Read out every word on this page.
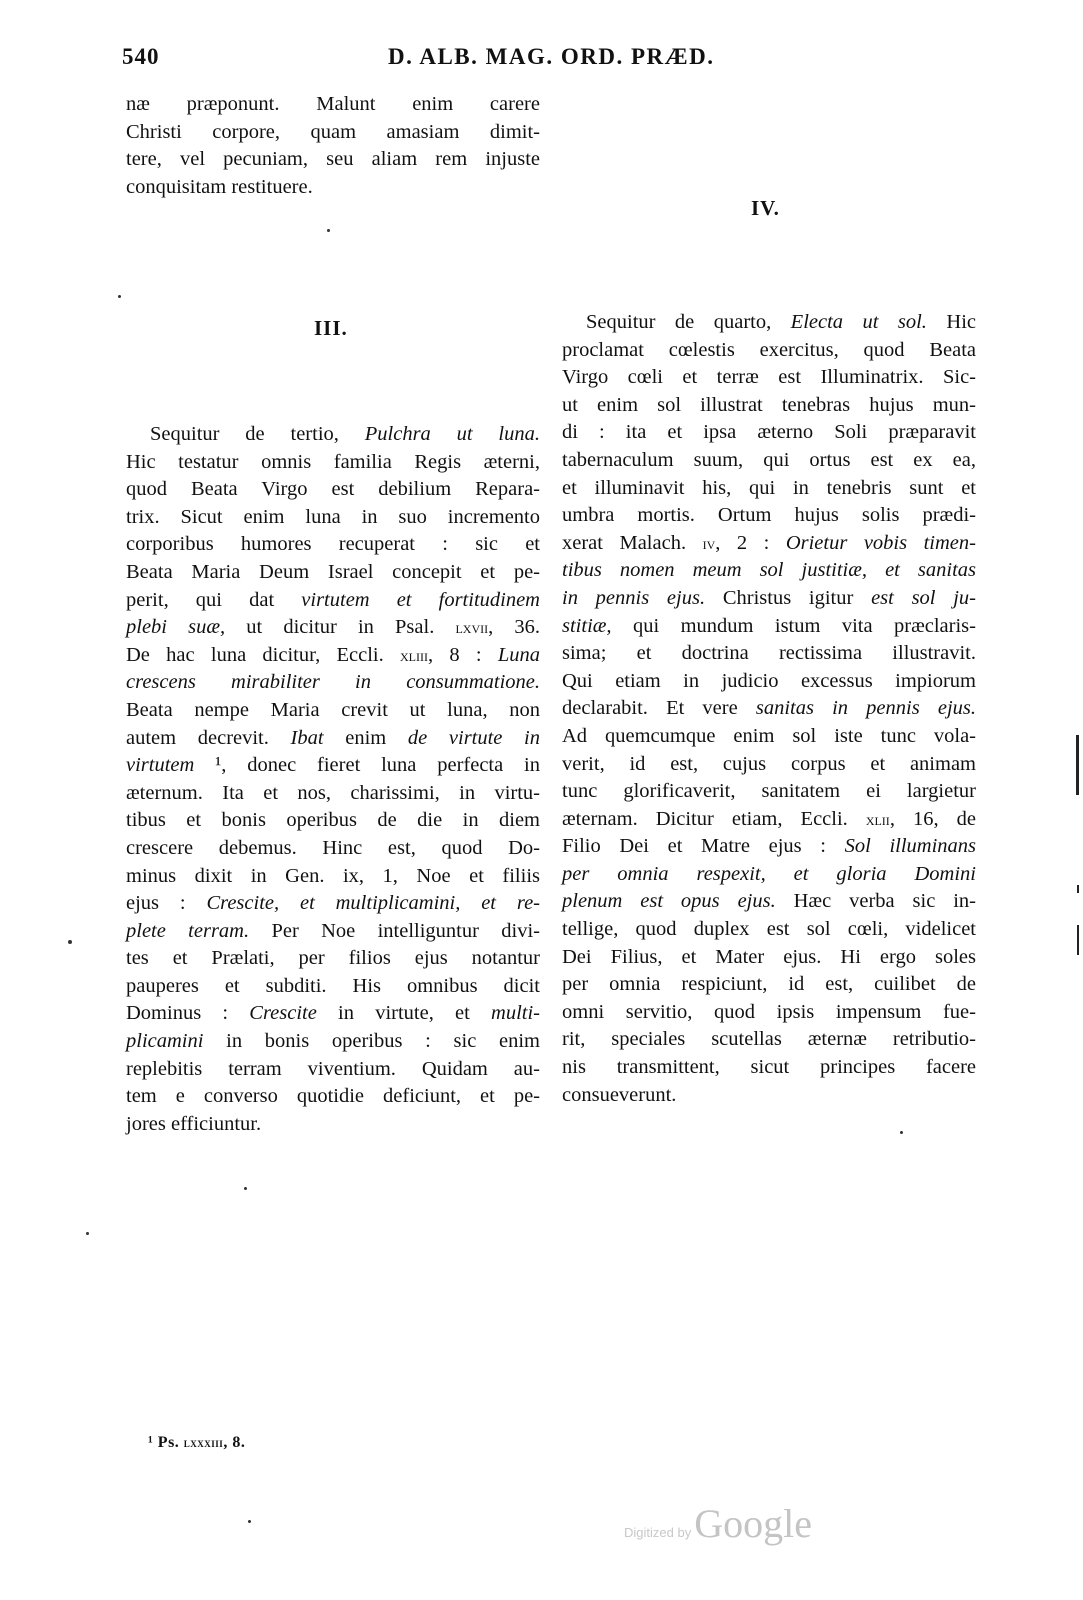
540	D. ALB. MAG. ORD. PRÆD.
næ præponunt. Malunt enim carere
Christi corpore, quam amasiam dimit-
tere, vel pecuniam, seu aliam rem injuste
conquisitam restituere.
III.
IV.
Sequitur de tertio, Pulchra ut luna.
Hic testatur omnis familia Regis æterni,
quod Beata Virgo est debilium Repara-
trix. Sicut enim luna in suo incremento
corporibus humores recuperat : sic et
Beata Maria Deum Israel concepit et pe-
perit, qui dat virtutem et fortitudinem
plebi suæ, ut dicitur in Psal. lxvii, 36.
De hac luna dicitur, Eccli. xliii, 8 : Luna
crescens mirabiliter in consummatione.
Beata nempe Maria crevit ut luna, non
autem decrevit. Ibat enim de virtute in
virtutem ¹, donec fieret luna perfecta in
æternum. Ita et nos, charissimi, in virtu-
tibus et bonis operibus de die in diem
crescere debemus. Hinc est, quod Do-
minus dixit in Gen. ix, 1, Noe et filiis
ejus : Crescite, et multiplicamini, et re-
plete terram. Per Noe intelliguntur divi-
tes et Prælati, per filios ejus notantur
pauperes et subditi. His omnibus dicit
Dominus : Crescite in virtute, et multi-
plicamini in bonis operibus : sic enim
replebitis terram viventium. Quidam au-
tem e converso quotidie deficiunt, et pe-
jores efficiuntur.
Sequitur de quarto, Electa ut sol. Hic
proclamat cœlestis exercitus, quod Beata
Virgo cœli et terræ est Illuminatrix. Sic-
ut enim sol illustrat tenebras hujus mun-
di : ita et ipsa æterno Soli præparavit
tabernaculum suum, qui ortus est ex ea,
et illuminavit his, qui in tenebris sunt et
umbra mortis. Ortum hujus solis prædi-
xerat Malach. iv, 2 : Orietur vobis timen-
tibus nomen meum sol justitiæ, et sanitas
in pennis ejus. Christus igitur est sol ju-
stitiæ, qui mundum istum vita præclaris-
sima; et doctrina rectissima illustravit.
Qui etiam in judicio excessus impiorum
declarabit. Et vere sanitas in pennis ejus.
Ad quemcumque enim sol iste tunc vola-
verit, id est, cujus corpus et animam
tunc glorificaverit, sanitatem ei largietur
æternam. Dicitur etiam, Eccli. xlii, 16, de
Filio Dei et Matre ejus : Sol illuminans
per omnia respexit, et gloria Domini
plenum est opus ejus. Hæc verba sic in-
tellige, quod duplex est sol cœli, videlicet
Dei Filius, et Mater ejus. Hi ergo soles
per omnia respiciunt, id est, cuilibet de
omni servitio, quod ipsis impensum fue-
rit, speciales scutellas æternæ retributio-
nis transmittent, sicut principes facere
consueverunt.
¹ Ps. lxxxiii, 8.
Digitized byGoogle
